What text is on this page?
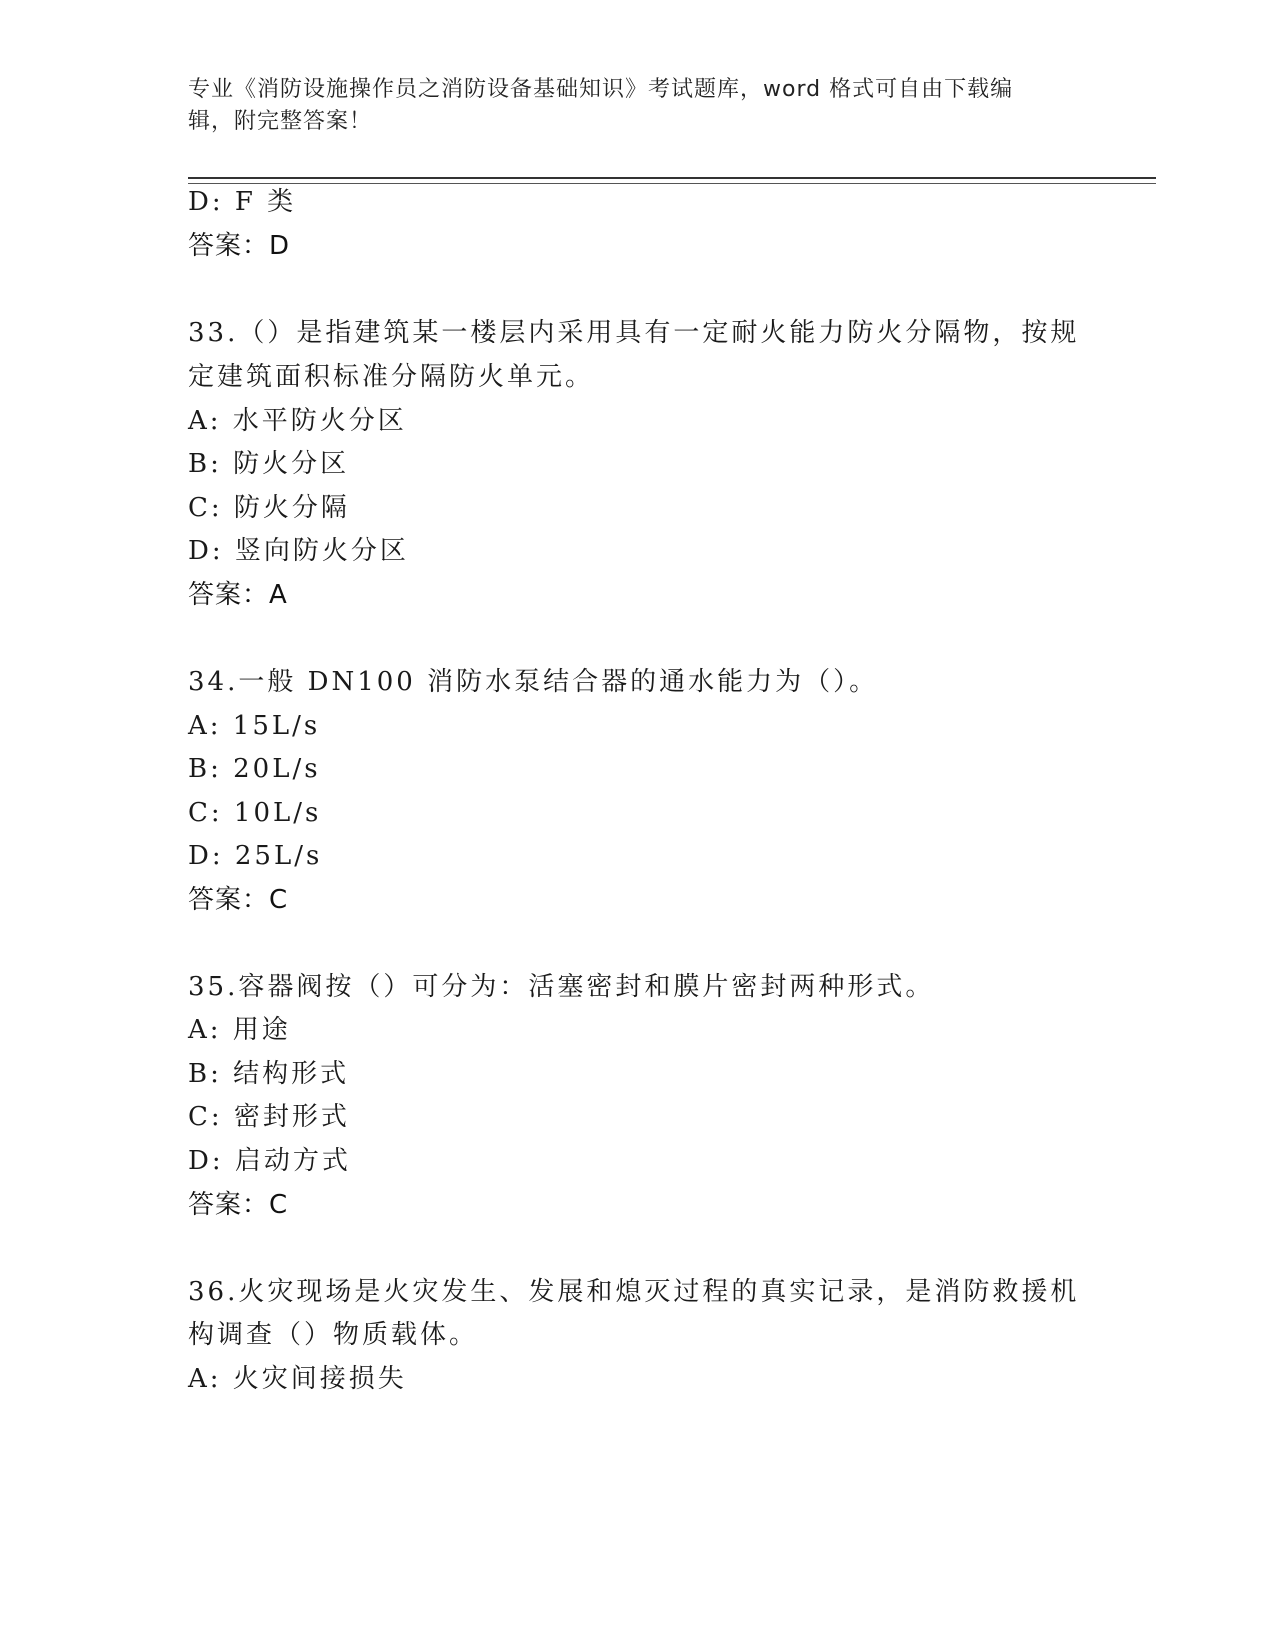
专业《消防设施操作员之消防设备基础知识》考试题库，word 格式可自由下载编
辑，附完整答案！
D: F 类
答案：D
33.（）是指建筑某一楼层内采用具有一定耐火能力防火分隔物，按规
定建筑面积标准分隔防火单元。
A: 水平防火分区
B: 防火分区
C: 防火分隔
D: 竖向防火分区
答案：A
34.一般 DN100 消防水泵结合器的通水能力为（）。
A: 15L/s
B: 20L/s
C: 10L/s
D: 25L/s
答案：C
35.容器阀按（）可分为：活塞密封和膜片密封两种形式。
A: 用途
B: 结构形式
C: 密封形式
D: 启动方式
答案：C
36.火灾现场是火灾发生、发展和熄灭过程的真实记录，是消防救援机
构调查（）物质载体。
A: 火灾间接损失
